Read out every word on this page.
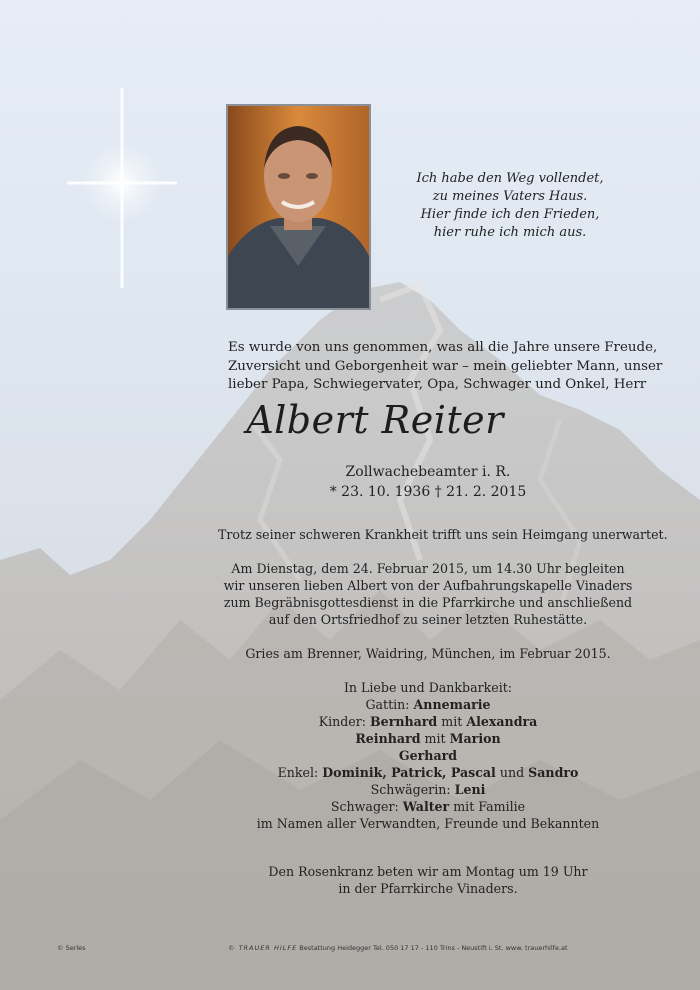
Ich habe den Weg vollendet,
zu meines Vaters Haus.
Hier finde ich den Frieden,
hier ruhe ich mich aus.
Es wurde von uns genommen, was all die Jahre unsere Freude,
Zuversicht und Geborgenheit war – mein geliebter Mann, unser
lieber Papa, Schwiegervater, Opa, Schwager und Onkel, Herr
Albert Reiter
Zollwachebeamter i. R.
* 23. 10. 1936 † 21. 2. 2015
Trotz seiner schweren Krankheit trifft uns sein Heimgang unerwartet.
Am Dienstag, dem 24. Februar 2015, um 14.30 Uhr begleiten
wir unseren lieben Albert von der Aufbahrungskapelle Vinaders
zum Begräbnisgottesdienst in die Pfarrkirche und anschließend
auf den Ortsfriedhof zu seiner letzten Ruhestätte.
Gries am Brenner, Waidring, München, im Februar 2015.
In Liebe und Dankbarkeit:
Gattin: Annemarie
Kinder: Bernhard mit Alexandra
Reinhard mit Marion
Gerhard
Enkel: Dominik, Patrick, Pascal und Sandro
Schwägerin: Leni
Schwager: Walter mit Familie
im Namen aller Verwandten, Freunde und Bekannten
Den Rosenkranz beten wir am Montag um 19 Uhr
in der Pfarrkirche Vinaders.
© Serles	© TRAUER HILFE Bestattung Heidegger Tel. 050 17 17 - 110 Trins - Neustift i. St. www. trauerhilfe.at
